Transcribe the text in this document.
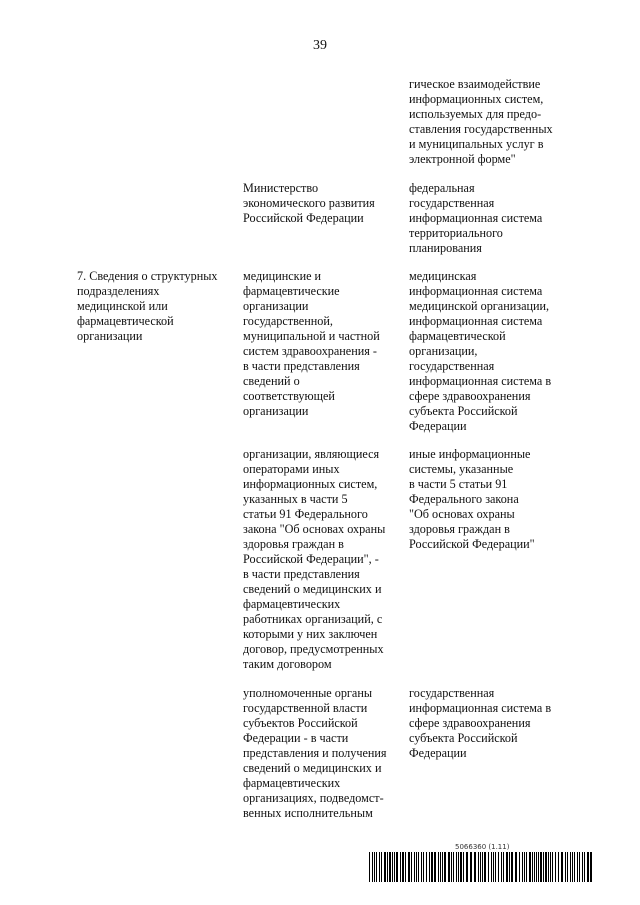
39
гическое взаимодействие
информационных систем,
используемых для предо-
ставления государственных
и муниципальных услуг в
электронной форме"
Министерство
экономического развития
Российской Федерации
федеральная
государственная
информационная система
территориального
планирования
7. Сведения о структурных
подразделениях
медицинской или
фармацевтической
организации
медицинские и
фармацевтические
организации
государственной,
муниципальной и частной
систем здравоохранения -
в части представления
сведений о
соответствующей
организации
медицинская
информационная система
медицинской организации,
информационная система
фармацевтической
организации,
государственная
информационная система в
сфере здравоохранения
субъекта Российской
Федерации
организации, являющиеся
операторами иных
информационных систем,
указанных в части 5
статьи 91 Федерального
закона "Об основах охраны
здоровья граждан в
Российской Федерации", -
в части представления
сведений о медицинских и
фармацевтических
работниках организаций, с
которыми у них заключен
договор, предусмотренных
таким договором
иные информационные
системы, указанные
в части 5 статьи 91
Федерального закона
"Об основах охраны
здоровья граждан в
Российской Федерации"
уполномоченные органы
государственной власти
субъектов Российской
Федерации - в части
представления и получения
сведений о медицинских и
фармацевтических
организациях, подведомст-
венных исполнительным
государственная
информационная система в
сфере здравоохранения
субъекта Российской
Федерации
5066360 (1.11)
